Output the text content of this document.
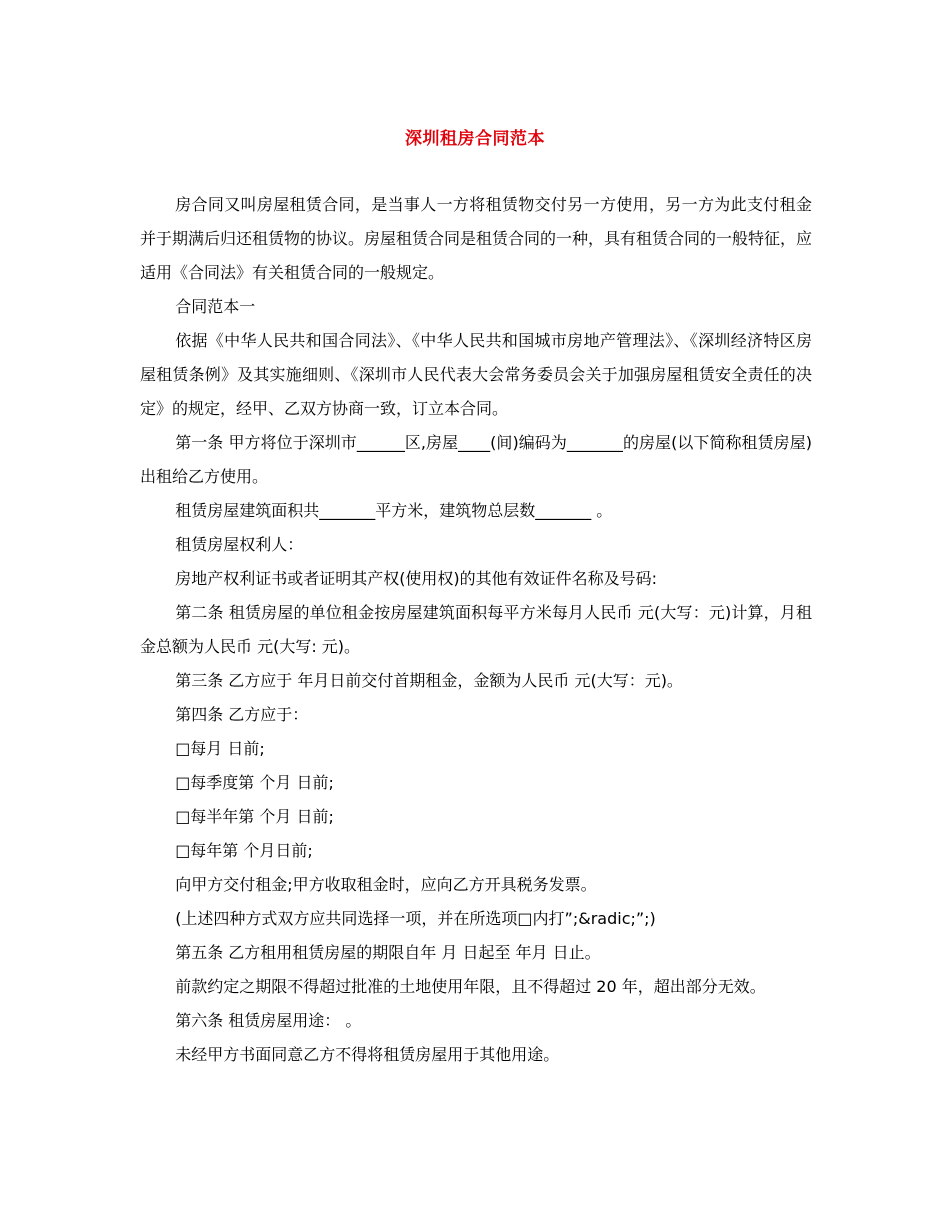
深圳租房合同范本

房合同又叫房屋租赁合同，是当事人一方将租赁物交付另一方使用，另一方为此支付租金并于期满后归还租赁物的协议。房屋租赁合同是租赁合同的一种，具有租赁合同的一般特征，应适用《合同法》有关租赁合同的一般规定。

合同范本一

依据《中华人民共和国合同法》、《中华人民共和国城市房地产管理法》、《深圳经济特区房屋租赁条例》及其实施细则、《深圳市人民代表大会常务委员会关于加强房屋租赁安全责任的决定》的规定，经甲、乙双方协商一致，订立本合同。

第一条 甲方将位于深圳市______区,房屋____(间)编码为_______的房屋(以下简称租赁房屋)出租给乙方使用。

租赁房屋建筑面积共_______平方米，建筑物总层数_______ 。

租赁房屋权利人：

房地产权利证书或者证明其产权(使用权)的其他有效证件名称及号码:

第二条 租赁房屋的单位租金按房屋建筑面积每平方米每月人民币 元(大写：元)计算，月租金总额为人民币 元(大写: 元)。

第三条 乙方应于 年月日前交付首期租金，金额为人民币 元(大写：元)。

第四条 乙方应于：

□每月 日前;

□每季度第 个月 日前;

□每半年第 个月 日前;

□每年第 个月日前;

向甲方交付租金;甲方收取租金时，应向乙方开具税务发票。

(上述四种方式双方应共同选择一项，并在所选项□内打”;&radic;”;)

第五条 乙方租用租赁房屋的期限自年 月 日起至 年月 日止。

前款约定之期限不得超过批准的土地使用年限，且不得超过 20 年，超出部分无效。

第六条 租赁房屋用途： 。

未经甲方书面同意乙方不得将租赁房屋用于其他用途。
